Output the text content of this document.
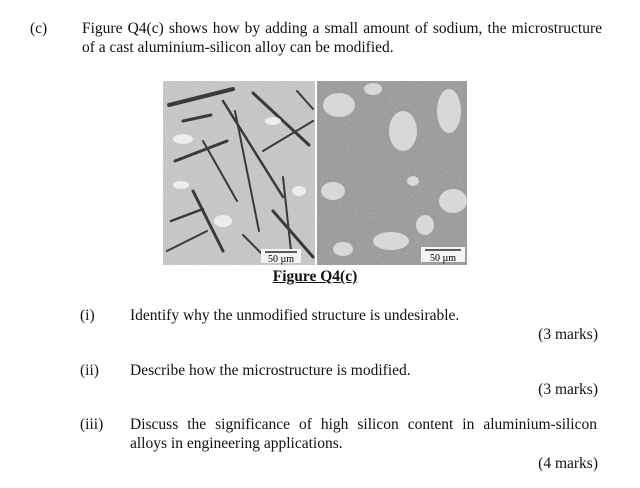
(c) Figure Q4(c) shows how by adding a small amount of sodium, the microstructure
of a cast aluminium-silicon alloy can be modified.
50 µm	50 µm
Figure Q4(c)
(i) Identify why the unmodified structure is undesirable.
(3 marks)
(ii) Describe how the microstructure is modified.
(3 marks)
(iii) Discuss the significance of high silicon content in aluminium-silicon
alloys in engineering applications.
(4 marks)
